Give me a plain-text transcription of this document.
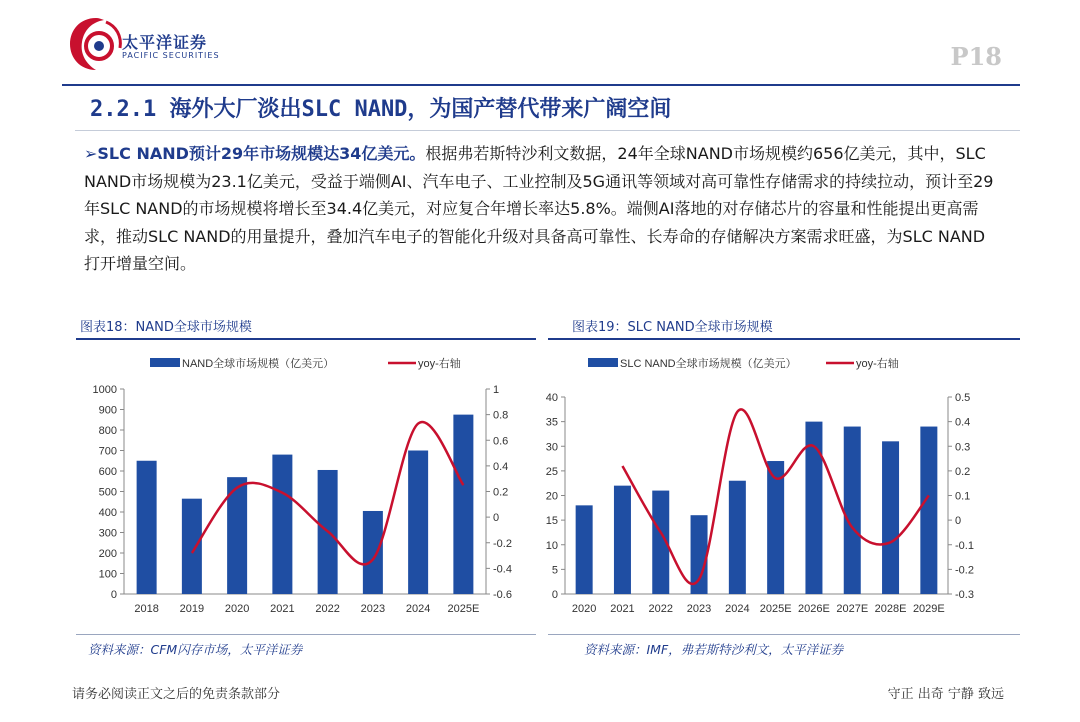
太平洋证券
PACIFIC SECURITIES	P18
2.2.1 海外大厂淡出SLC NAND，为国产替代带来广阔空间
➢SLC NAND预计29年市场规模达34亿美元。根据弗若斯特沙利文数据，24年全球NAND市场规模约656亿美元，其中，SLC NAND市场规模为23.1亿美元，受益于端侧AI、汽车电子、工业控制及5G通讯等领域对高可靠性存储需求的持续拉动，预计至29年SLC NAND的市场规模将增长至34.4亿美元，对应复合年增长率达5.8%。端侧AI落地的对存储芯片的容量和性能提出更高需求，推动SLC NAND的用量提升，叠加汽车电子的智能化升级对具备高可靠性、长寿命的存储解决方案需求旺盛，为SLC NAND打开增量空间。
图表18：NAND全球市场规模
NAND全球市场规模（亿美元）	yoy-右轴
0
100
200
300
400
500
600
700
800
900
1000
-0.6
-0.4
-0.2
0
0.2
0.4
0.6
0.8
1
2018 2019 2020 2021 2022 2023 2024 2025E
资料来源：CFM闪存市场，太平洋证券
图表19：SLC NAND全球市场规模
SLC NAND全球市场规模（亿美元）	yoy-右轴
0
5
10
15
20
25
30
35
40
-0.3
-0.2
-0.1
0
0.1
0.2
0.3
0.4
0.5
2020 2021 2022 2023 2024 2025E 2026E 2027E 2028E 2029E
资料来源：IMF，弗若斯特沙利文，太平洋证券
请务必阅读正文之后的免责条款部分	守正 出奇 宁静 致远
